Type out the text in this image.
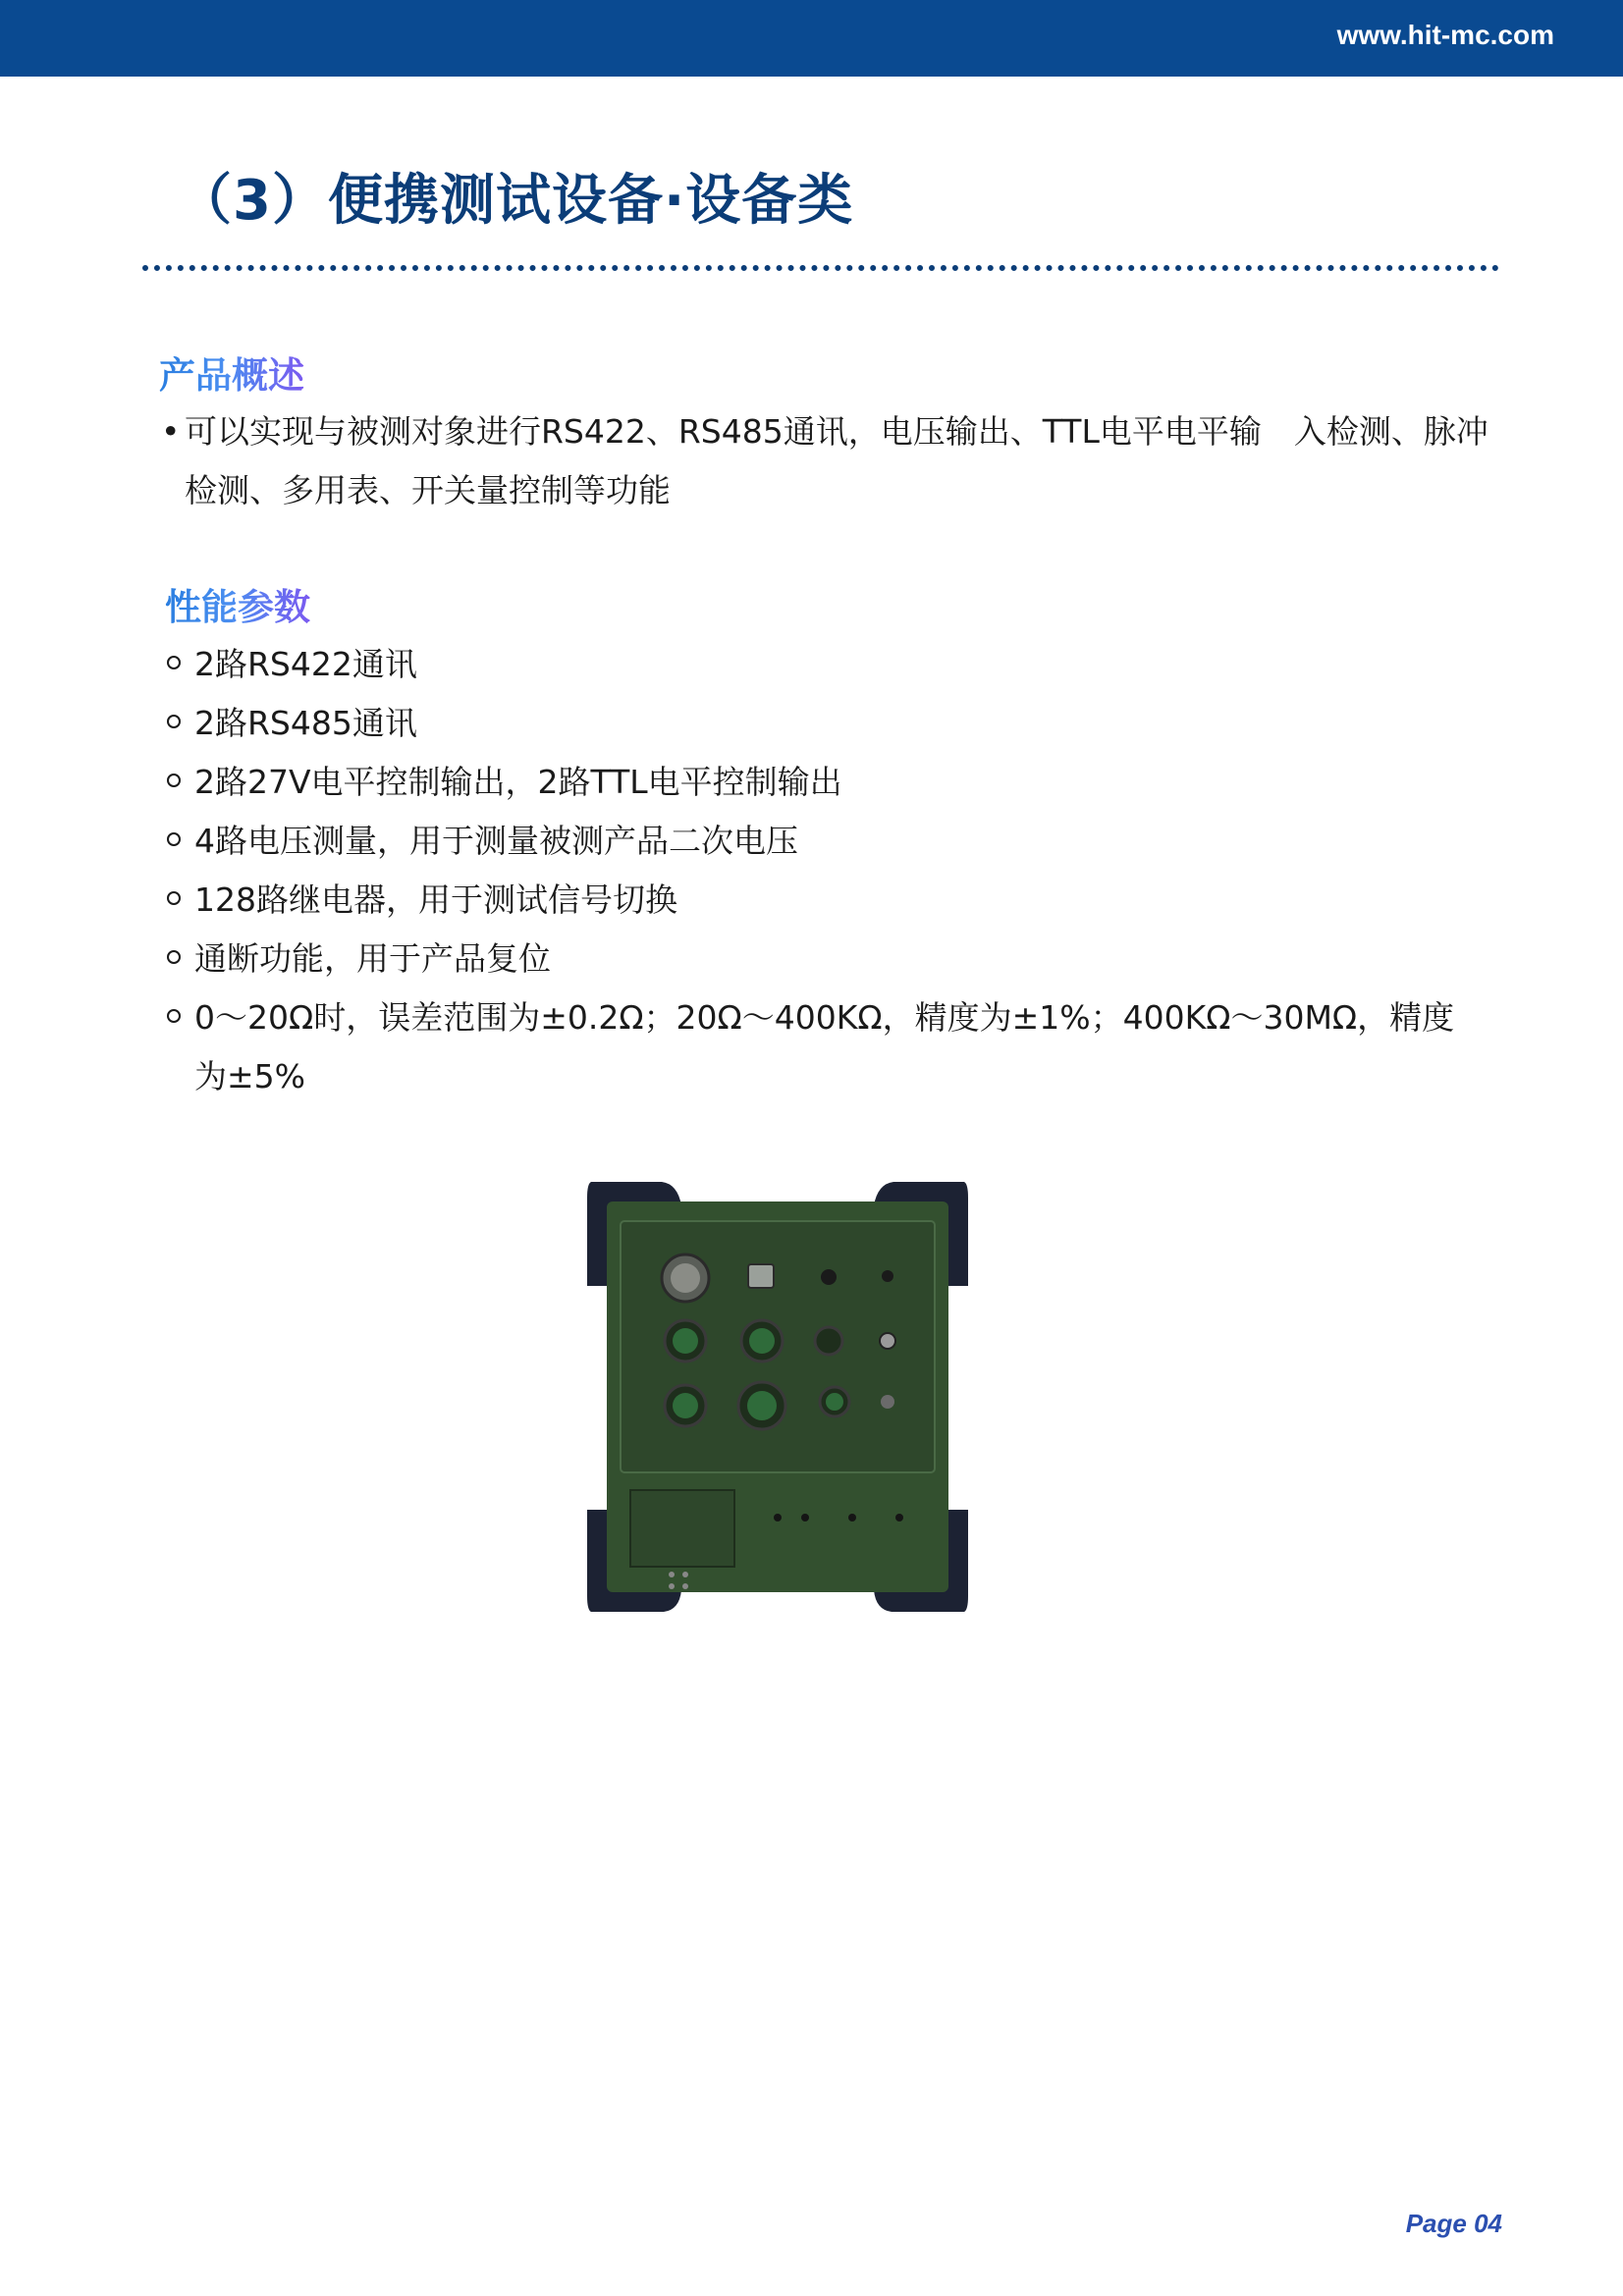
www.hit-mc.com
（3）便携测试设备·设备类
产品概述
• 可以实现与被测对象进行RS422、RS485通讯，电压输出、TTL电平电平输　入检测、脉冲检测、多用表、开关量控制等功能
性能参数
2路RS422通讯
2路RS485通讯
2路27V电平控制输出，2路TTL电平控制输出
4路电压测量，用于测量被测产品二次电压
128路继电器，用于测试信号切换
通断功能，用于产品复位
0～20Ω时，误差范围为±0.2Ω；20Ω～400KΩ，精度为±1%；400KΩ～30MΩ，精度为±5%
Page 04
